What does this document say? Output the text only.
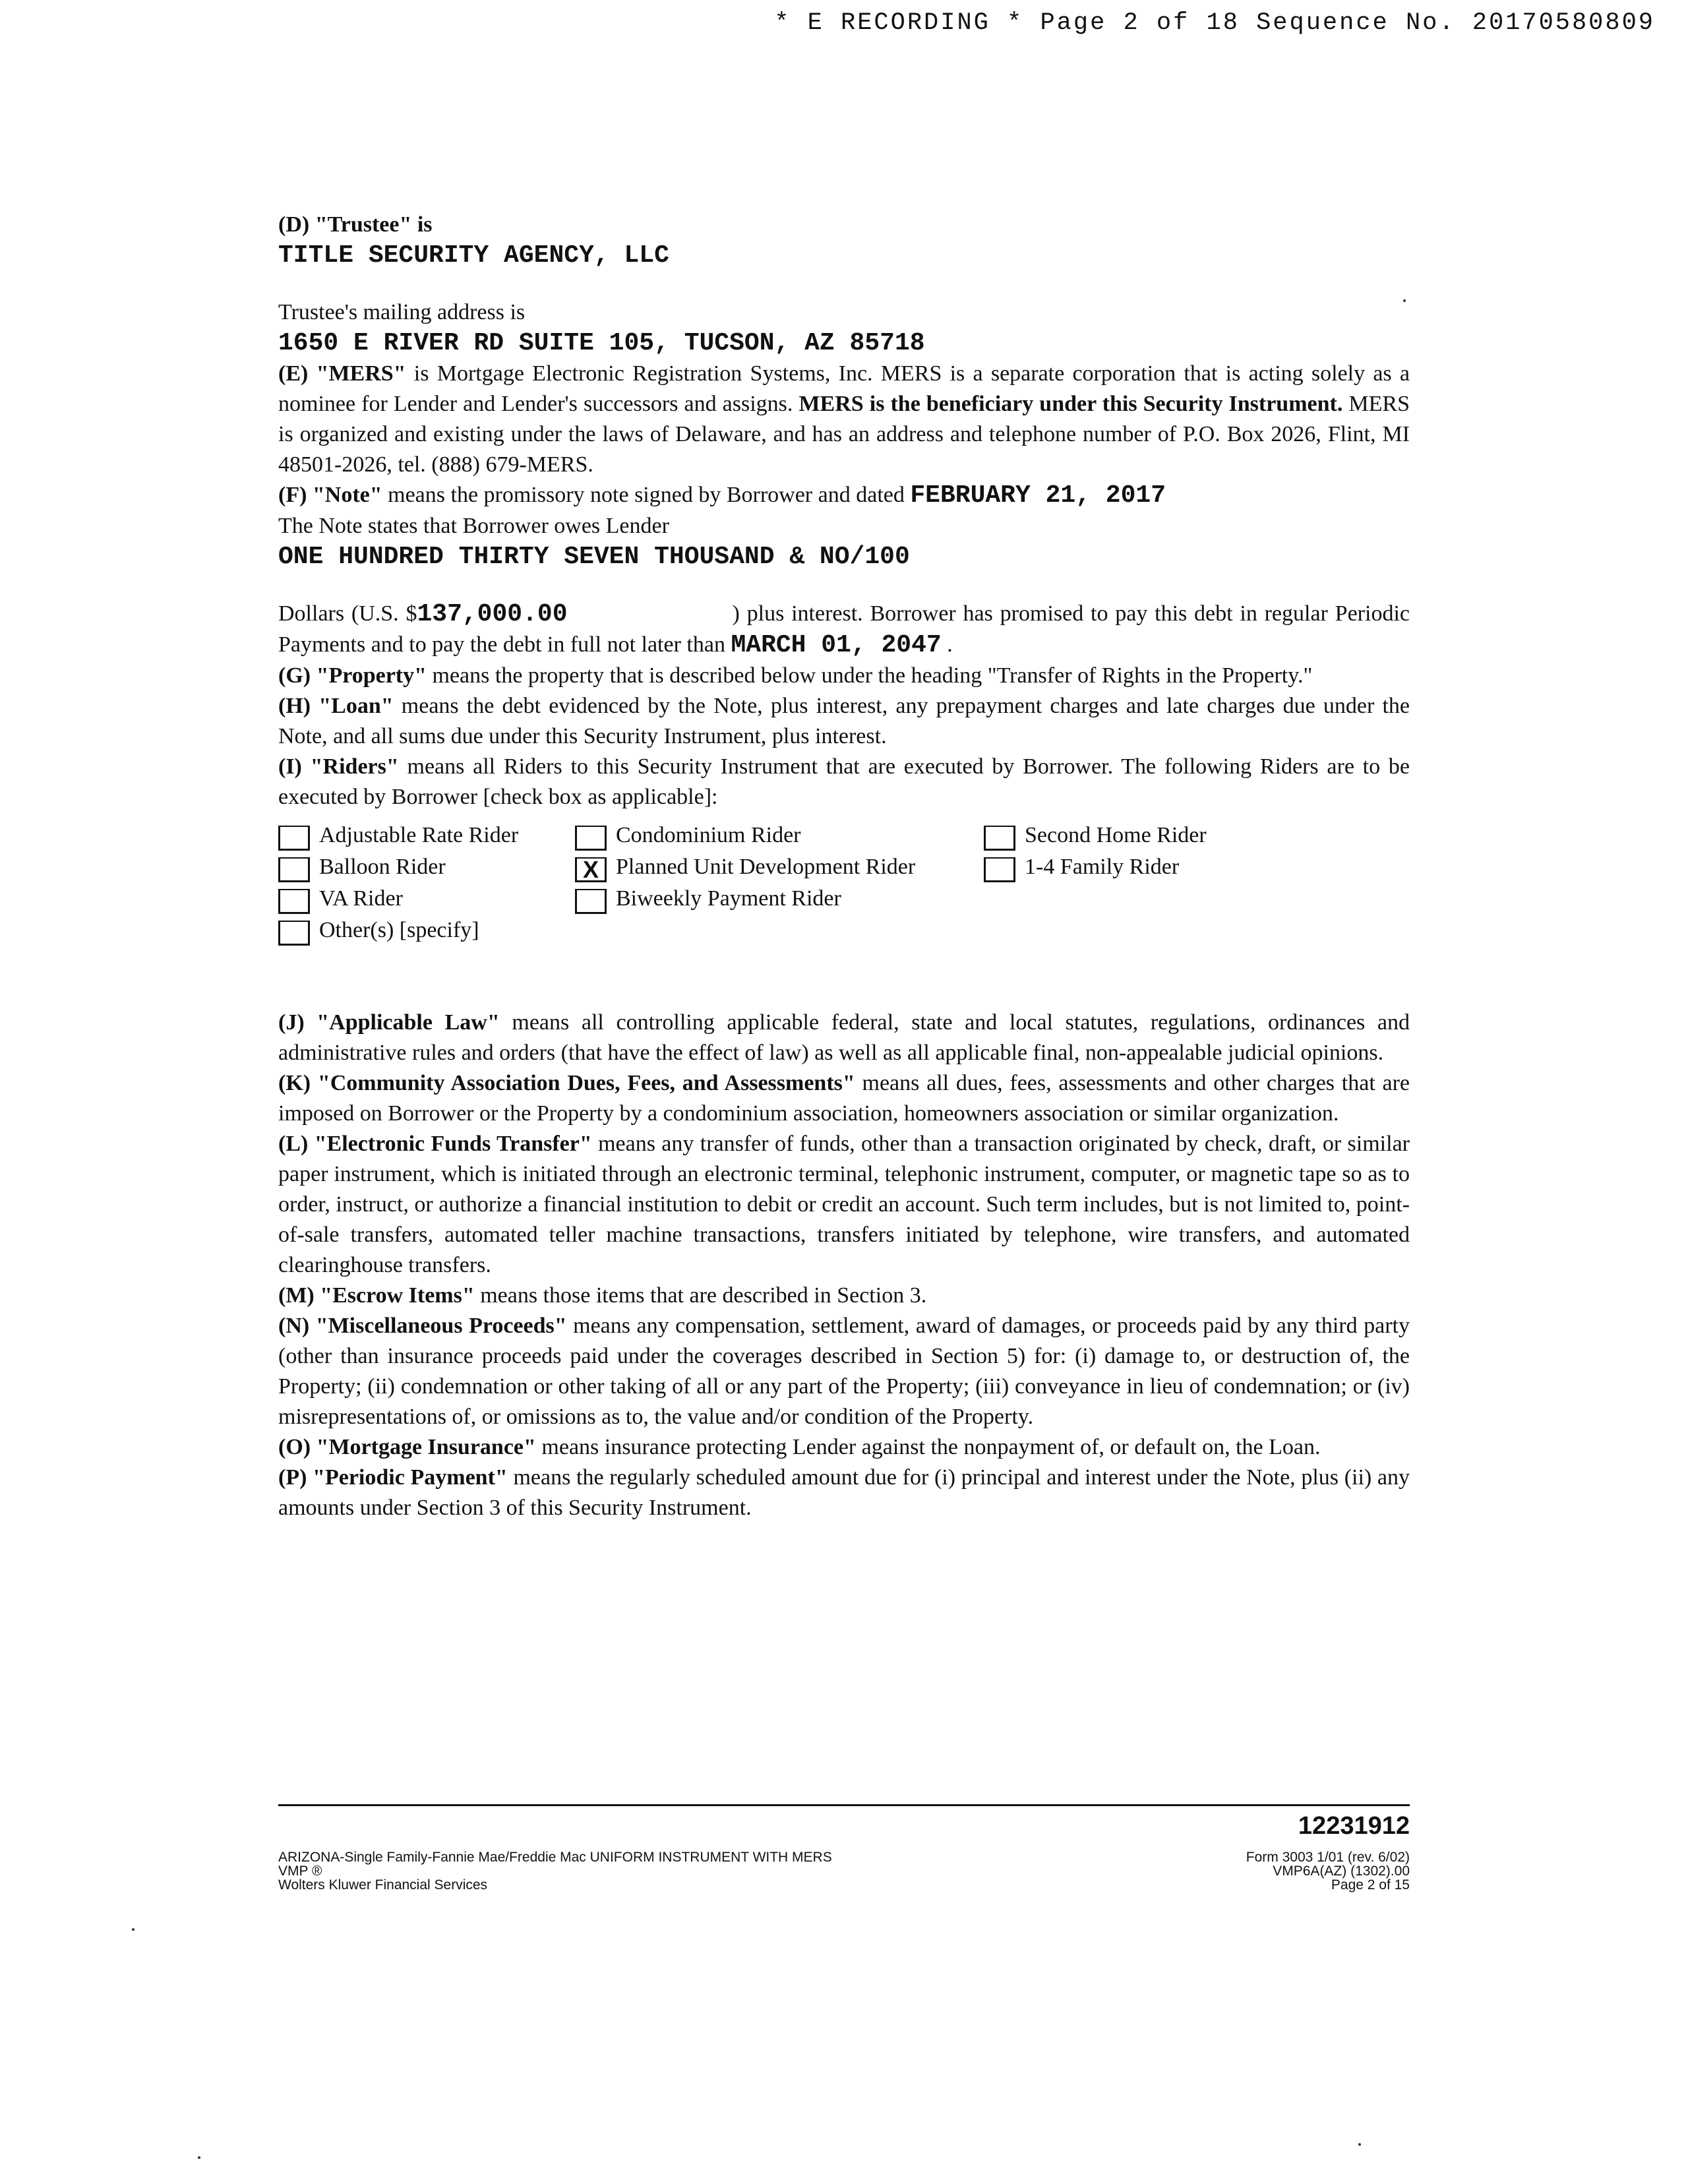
* E RECORDING * Page 2 of 18 Sequence No. 20170580809

(D) "Trustee" is

TITLE SECURITY AGENCY, LLC

Trustee's mailing address is

1650 E RIVER RD SUITE 105, TUCSON, AZ 85718

(E) "MERS" is Mortgage Electronic Registration Systems, Inc. MERS is a separate corporation that is acting solely as a nominee for Lender and Lender's successors and assigns. MERS is the beneficiary under this Security Instrument. MERS is organized and existing under the laws of Delaware, and has an address and telephone number of P.O. Box 2026, Flint, MI 48501-2026, tel. (888) 679-MERS.

(F) "Note" means the promissory note signed by Borrower and dated FEBRUARY 21, 2017

The Note states that Borrower owes Lender

ONE HUNDRED THIRTY SEVEN THOUSAND & NO/100

Dollars (U.S. $137,000.00	) plus interest. Borrower has promised to pay this debt in regular Periodic Payments and to pay the debt in full not later than MARCH 01, 2047 .

(G) "Property" means the property that is described below under the heading "Transfer of Rights in the Property."

(H) "Loan" means the debt evidenced by the Note, plus interest, any prepayment charges and late charges due under the Note, and all sums due under this Security Instrument, plus interest.

(I) "Riders" means all Riders to this Security Instrument that are executed by Borrower. The following Riders are to be executed by Borrower [check box as applicable]:

Adjustable Rate Rider	Condominium Rider	Second Home Rider
Balloon Rider	X Planned Unit Development Rider	1-4 Family Rider
VA Rider	Biweekly Payment Rider
Other(s) [specify]

(J) "Applicable Law" means all controlling applicable federal, state and local statutes, regulations, ordinances and administrative rules and orders (that have the effect of law) as well as all applicable final, non-appealable judicial opinions.

(K) "Community Association Dues, Fees, and Assessments" means all dues, fees, assessments and other charges that are imposed on Borrower or the Property by a condominium association, homeowners association or similar organization.

(L) "Electronic Funds Transfer" means any transfer of funds, other than a transaction originated by check, draft, or similar paper instrument, which is initiated through an electronic terminal, telephonic instrument, computer, or magnetic tape so as to order, instruct, or authorize a financial institution to debit or credit an account. Such term includes, but is not limited to, point-of-sale transfers, automated teller machine transactions, transfers initiated by telephone, wire transfers, and automated clearinghouse transfers.

(M) "Escrow Items" means those items that are described in Section 3.

(N) "Miscellaneous Proceeds" means any compensation, settlement, award of damages, or proceeds paid by any third party (other than insurance proceeds paid under the coverages described in Section 5) for: (i) damage to, or destruction of, the Property; (ii) condemnation or other taking of all or any part of the Property; (iii) conveyance in lieu of condemnation; or (iv) misrepresentations of, or omissions as to, the value and/or condition of the Property.

(O) "Mortgage Insurance" means insurance protecting Lender against the nonpayment of, or default on, the Loan.

(P) "Periodic Payment" means the regularly scheduled amount due for (i) principal and interest under the Note, plus (ii) any amounts under Section 3 of this Security Instrument.

12231912
ARIZONA-Single Family-Fannie Mae/Freddie Mac UNIFORM INSTRUMENT WITH MERS
VMP ®
Wolters Kluwer Financial Services
Form 3003 1/01 (rev. 6/02)
VMP6A(AZ) (1302).00
Page 2 of 15
